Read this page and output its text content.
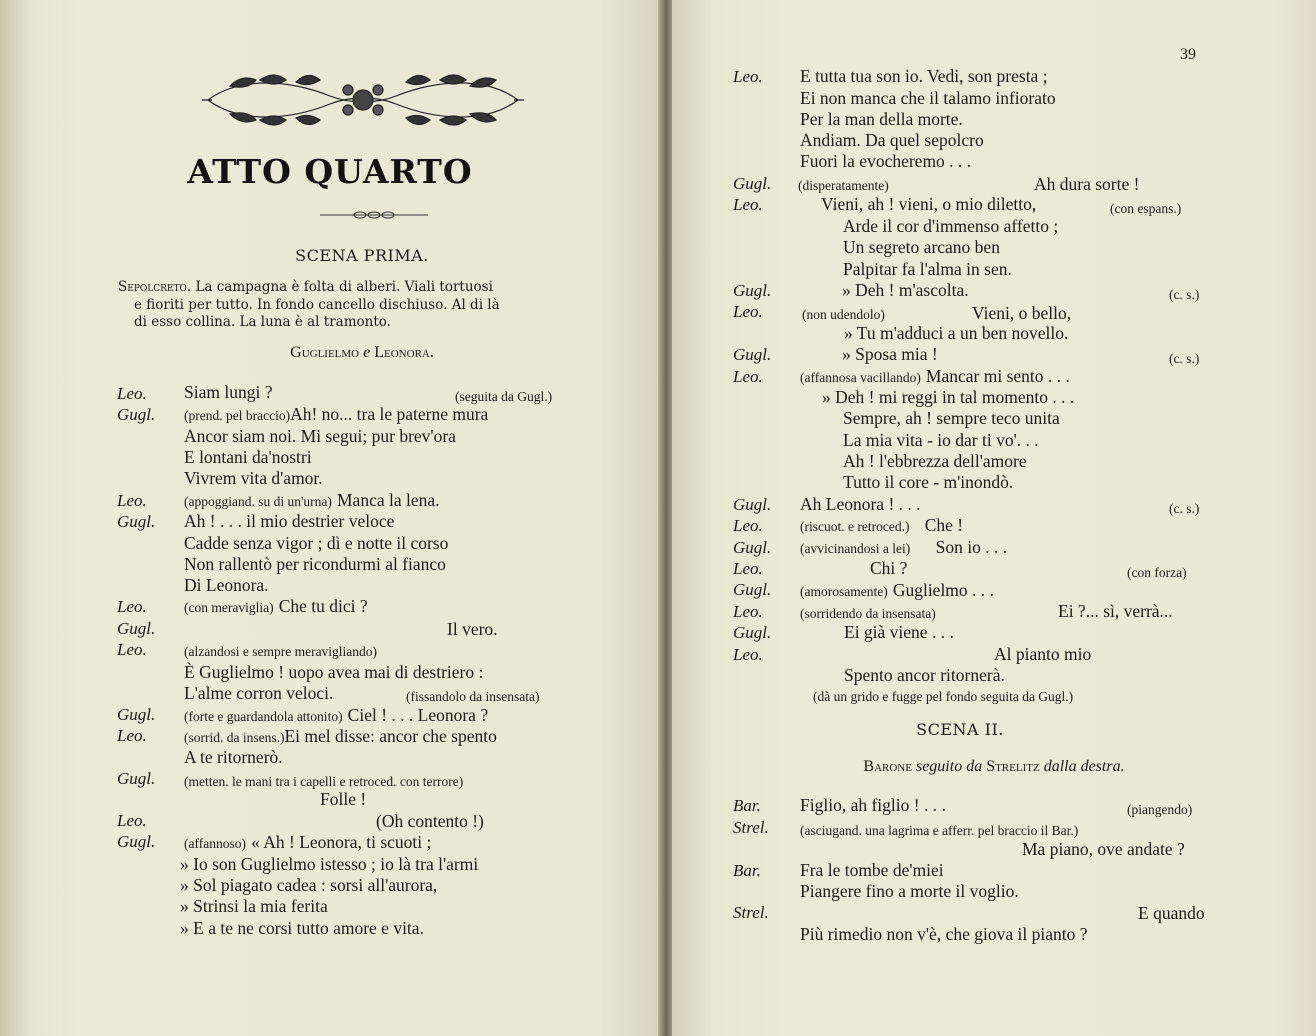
ATTO QUARTO
SCENA PRIMA.
Sepolcreto. La campagna è folta di alberi. Viali tortuosi
e fioriti per tutto. In fondo cancello dischiuso. Al di là
di esso collina. La luna è al tramonto.
Guglielmo e Leonora.
Leo. Siam lungi ?	(seguita da Gugl.)
Gugl. (prend. pel braccio)Ah! no... tra le paterne mura
Ancor siam noi. Mi segui; pur brev'ora
E lontani da'nostri
Vivrem vita d'amor.
Leo.	(appoggiand. su di un'urna) Manca la lena.
Gugl. Ah ! . . . il mio destrier veloce
Cadde senza vigor ; dì e notte il corso
Non rallentò per ricondurmi al fianco
Di Leonora.
Leo.	(con meraviglia) Che tu dici ?
Gugl.	Il vero.
Leo.	(alzandosi e sempre meravigliando)
È Guglielmo ! uopo avea mai di destriero :
L'alme corron veloci.	(fissandolo da insensata)
Gugl. (forte e guardandola attonito) Ciel ! . . . Leonora ?
Leo.	(sorrid. da insens.)Ei mel disse: ancor che spento
A te ritornerò.
Gugl. (metten. le mani tra i capelli e retroced. con terrore)
Folle !
Leo.	(Oh contento !)
Gugl. (affannoso) « Ah ! Leonora, ti scuoti ;
» Io son Guglielmo istesso ; io là tra l'armi
» Sol piagato cadea : sorsi all'aurora,
» Strinsi la mia ferita
» E a te ne corsi tutto amore e vita.
39
Leo. E tutta tua son io. Vedi, son presta ;
Ei non manca che il talamo infiorato
Per la man della morte.
Andiam. Da quel sepolcro
Fuori la evocheremo . . .
Gugl. (disperatamente)	Ah dura sorte !
Leo.	Vieni, ah ! vieni, o mio diletto,	(con espans.)
Arde il cor d'immenso affetto ;
Un segreto arcano ben
Palpitar fa l'alma in sen.
Gugl.	» Deh ! m'ascolta.	(c. s.)
Leo.	(non udendolo)	Vieni, o bello,
» Tu m'adduci a un ben novello.
Gugl.	» Sposa mia !	(c. s.)
Leo.	(affannosa vacillando) Mancar mi sento . . .
» Deh ! mi reggi in tal momento . . .
Sempre, ah ! sempre teco unita
La mia vita - io dar ti vo'. . .
Ah ! l'ebbrezza dell'amore
Tutto il core - m'inondò.
Gugl. Ah Leonora ! . . .	(c. s.)
Leo.	(riscuot. e retroced.) Che !
Gugl. (avvicinandosi a lei) Son io . . .
Leo.	Chi ?	(con forza)
Gugl. (amorosamente) Guglielmo . . .
Leo.	(sorridendo da insensata)	Ei ?... sì, verrà...
Gugl.	Ei già viene . . .
Leo.	Al pianto mio
Spento ancor ritornerà.
(dà un grido e fugge pel fondo seguita da Gugl.)
SCENA II.
Barone seguito da Strelitz dalla destra.
Bar. Figlio, ah figlio ! . . .	(piangendo)
Strel. (asciugand. una lagrima e afferr. pel braccio il Bar.)
Ma piano, ove andate ?
Bar. Fra le tombe de'miei
Piangere fino a morte il voglio.
Strel.	E quando
Più rimedio non v'è, che giova il pianto ?
